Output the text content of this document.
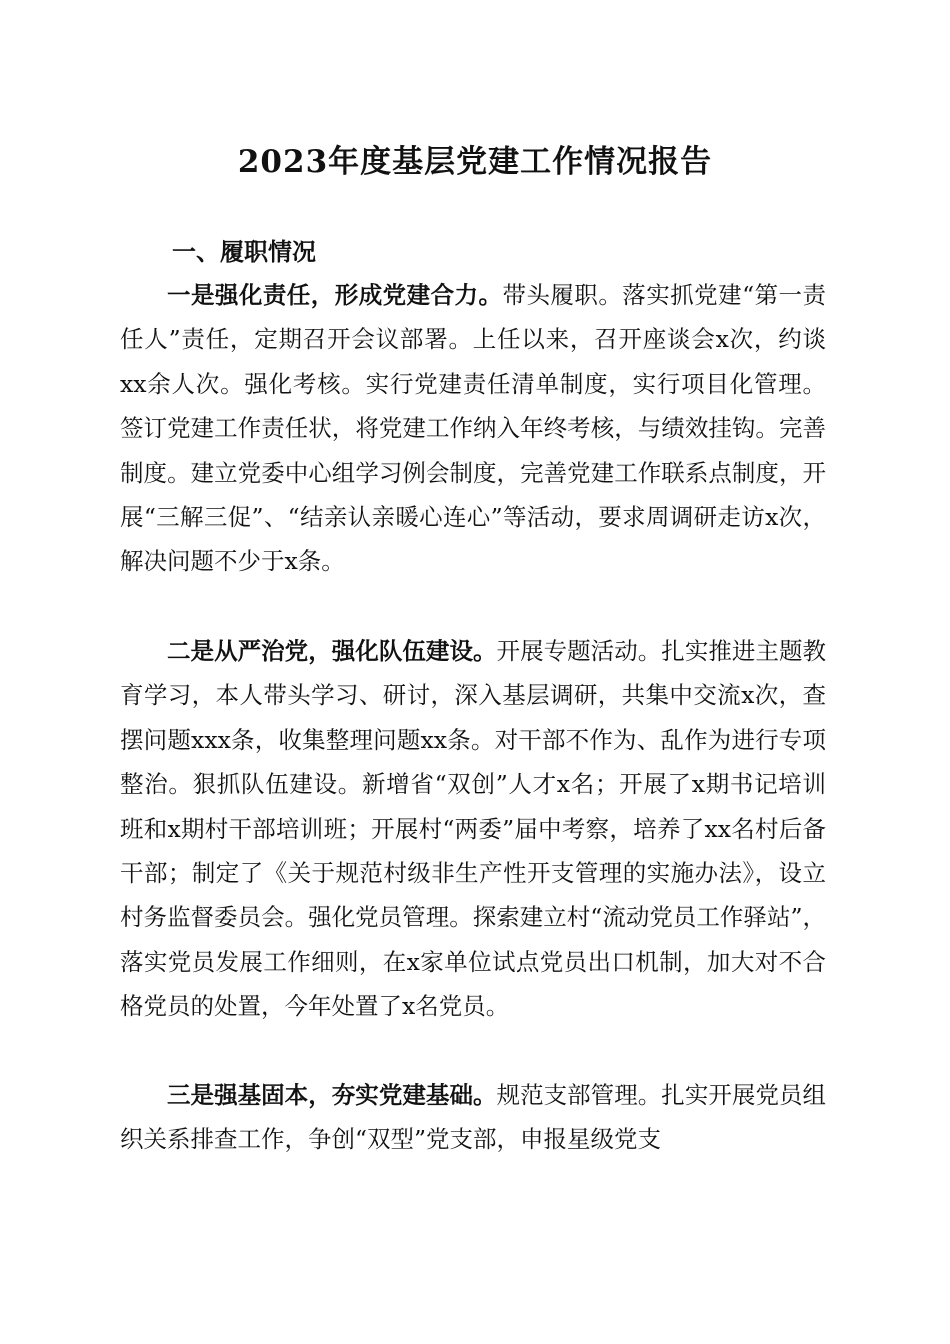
2023年度基层党建工作情况报告
一、履职情况

一是强化责任，形成党建合力。带头履职。落实抓党建“第一责任人”责任，定期召开会议部署。上任以来，召开座谈会x次，约谈xx余人次。强化考核。实行党建责任清单制度，实行项目化管理。签订党建工作责任状，将党建工作纳入年终考核，与绩效挂钩。完善制度。建立党委中心组学习例会制度，完善党建工作联系点制度，开展“三解三促”、“结亲认亲暖心连心”等活动，要求周调研走访x次，解决问题不少于x条。

二是从严治党，强化队伍建设。开展专题活动。扎实推进主题教育学习，本人带头学习、研讨，深入基层调研，共集中交流x次，查摆问题xxx条，收集整理问题xx条。对干部不作为、乱作为进行专项整治。狠抓队伍建设。新增省“双创”人才x名；开展了x期书记培训班和x期村干部培训班；开展村“两委”届中考察，培养了xx名村后备干部；制定了《关于规范村级非生产性开支管理的实施办法》，设立村务监督委员会。强化党员管理。探索建立村“流动党员工作驿站”，落实党员发展工作细则，在x家单位试点党员出口机制，加大对不合格党员的处置，今年处置了x名党员。

三是强基固本，夯实党建基础。规范支部管理。扎实开展党员组织关系排查工作，争创“双型”党支部，申报星级党支
